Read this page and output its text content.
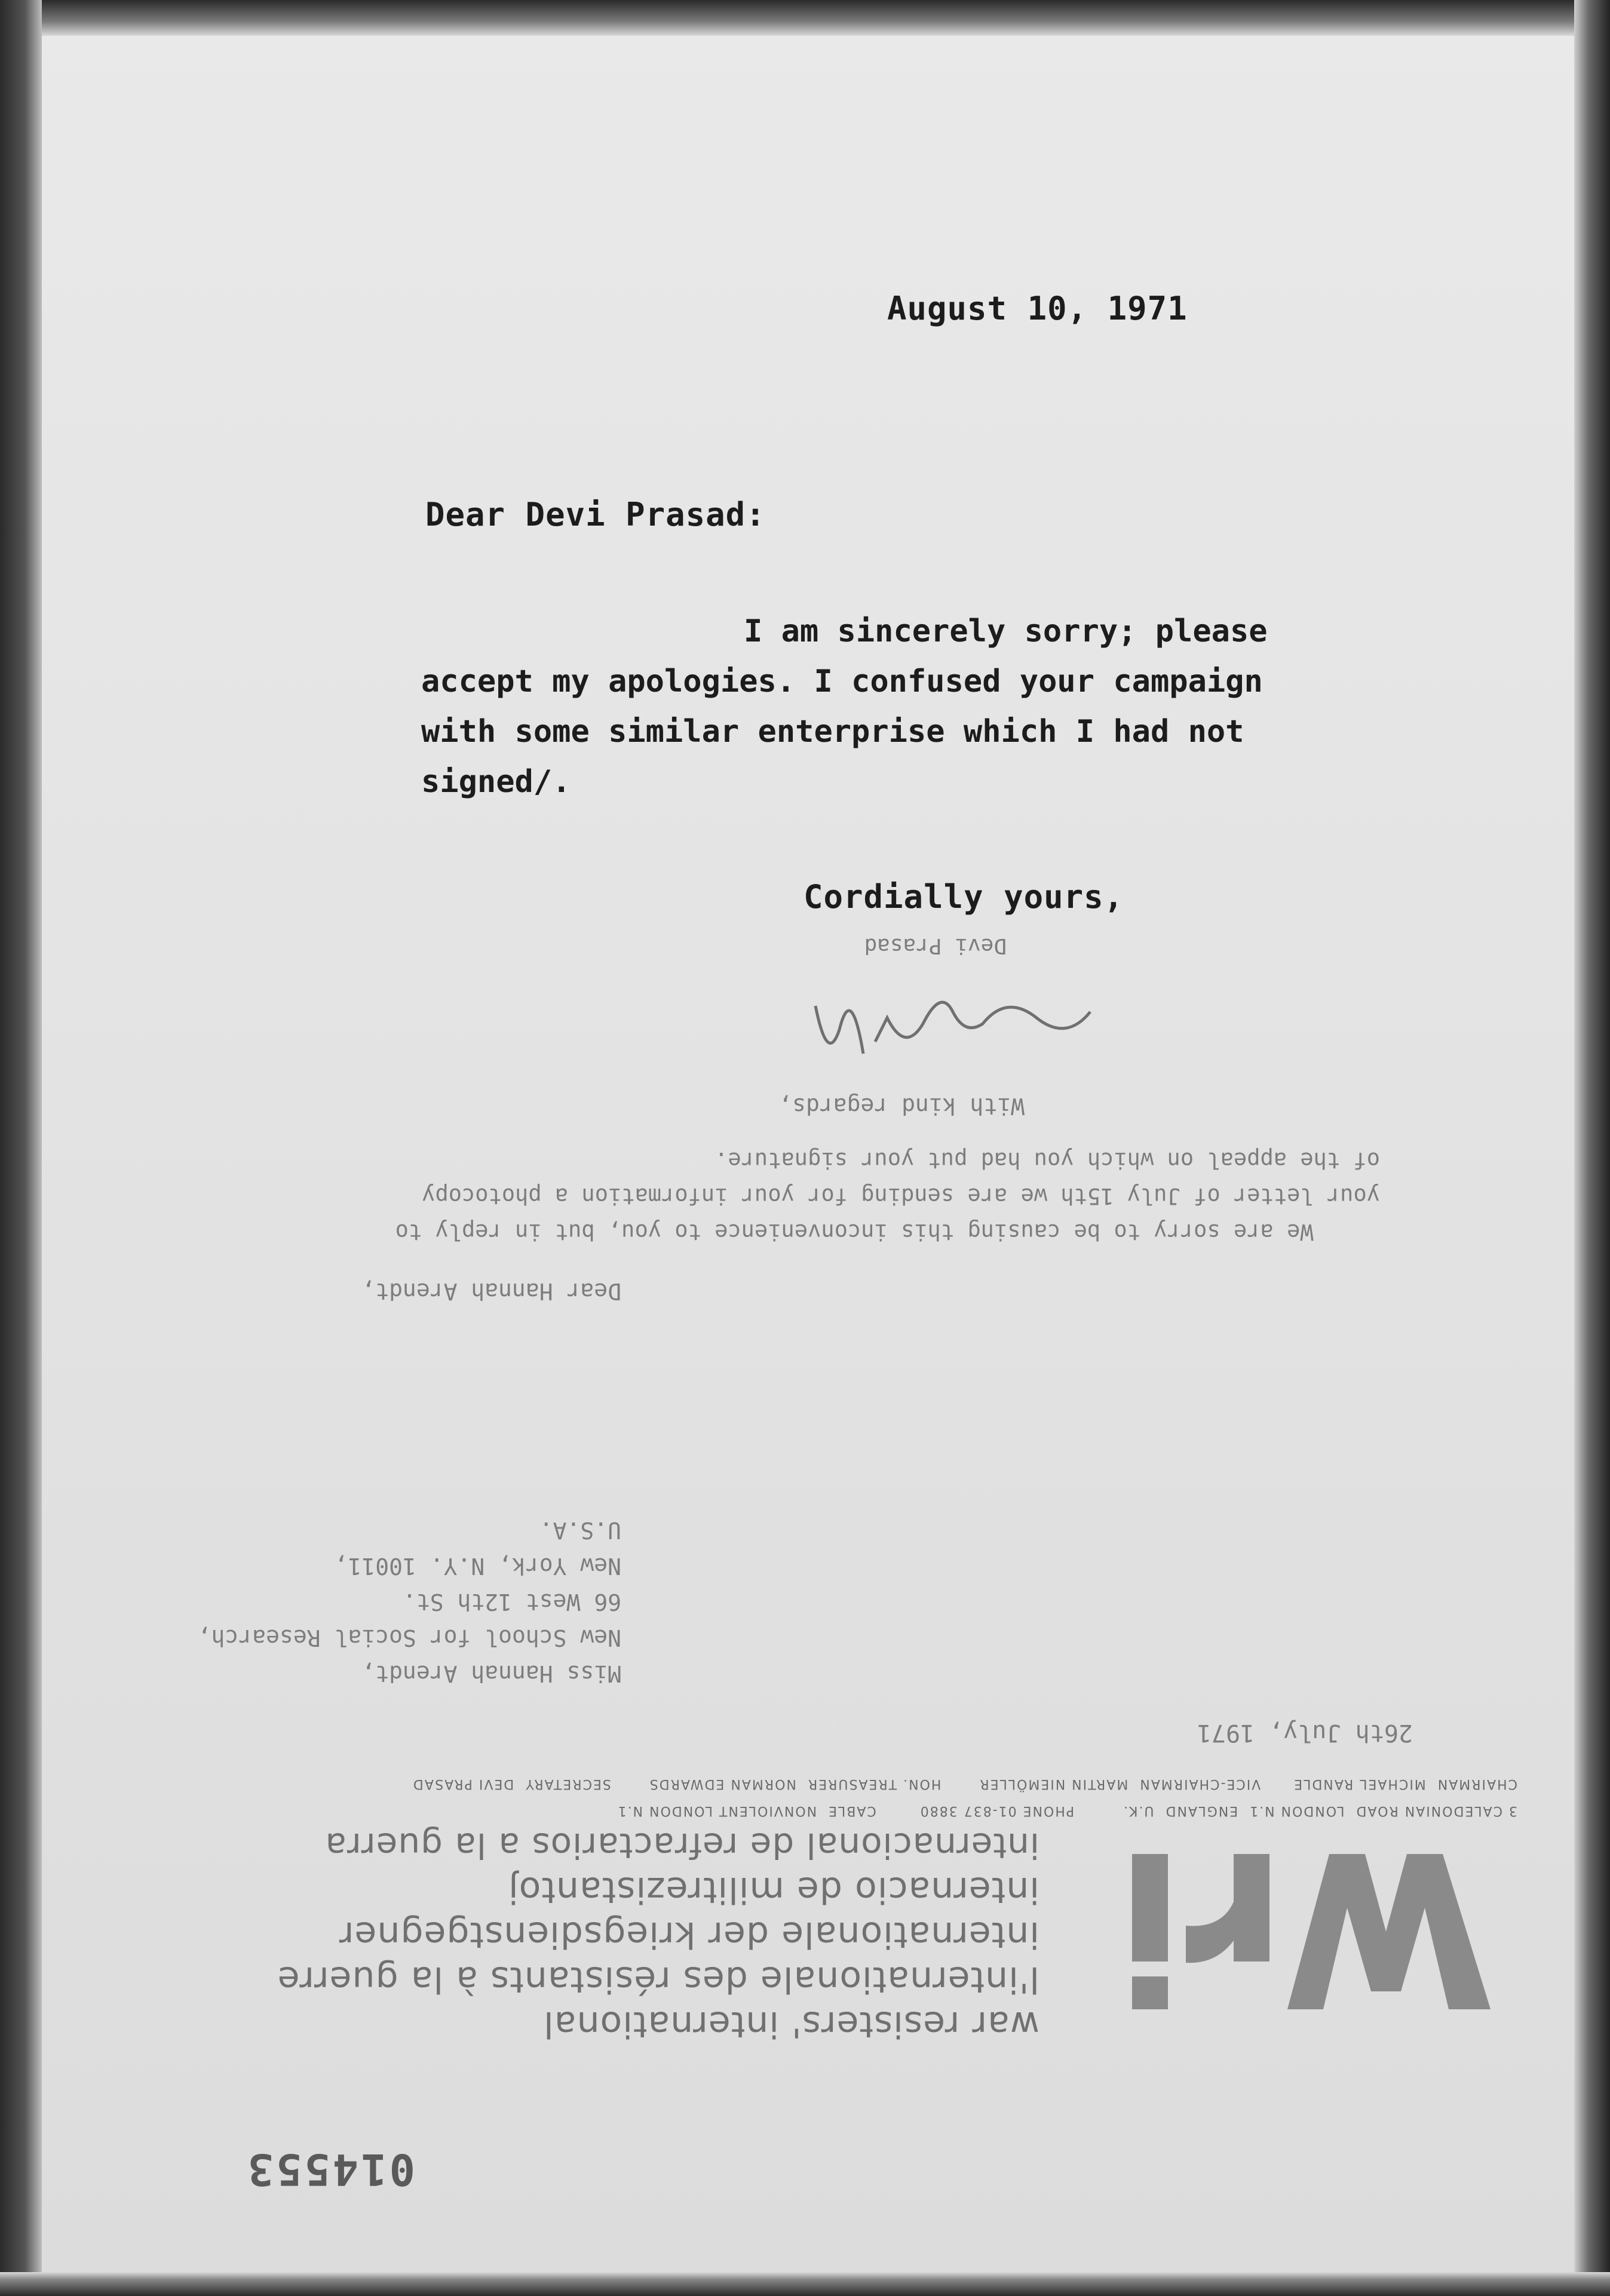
014553
war resisters' international
l'internationale des résistants à la guerre
internationale der kriegsdienstgegner
internacio de militrezistantoj
internacional de refractarios a la guerra
3 CALEDONIAN ROAD  LONDON N.1  ENGLAND  U.K.         PHONE 01-837 3880        CABLE  NONVIOLENT LONDON N.1
CHAIRMAN  MICHAEL RANDLE      VICE-CHAIRMAN  MARTIN NIEMÖLLER       HON. TREASURER  NORMAN EDWARDS       SECRETARY  DEVI PRASAD
26th July, 1971
Miss Hannah Arendt,
New School for Social Research,
66 West 12th St.
New York, N.Y. 10011,
U.S.A.
Dear Hannah Arendt,
We are sorry to be causing this inconvenience to you, but in reply to
your letter of July 15th we are sending for your information a photocopy
of the appeal on which you had put your signature.
With kind regards,
Devi Prasad
August 10, 1971
Dear Devi Prasad:
I am sincerely sorry; please
accept my apologies. I confused your campaign
with some similar enterprise which I had not
signed/.
Cordially yours,
